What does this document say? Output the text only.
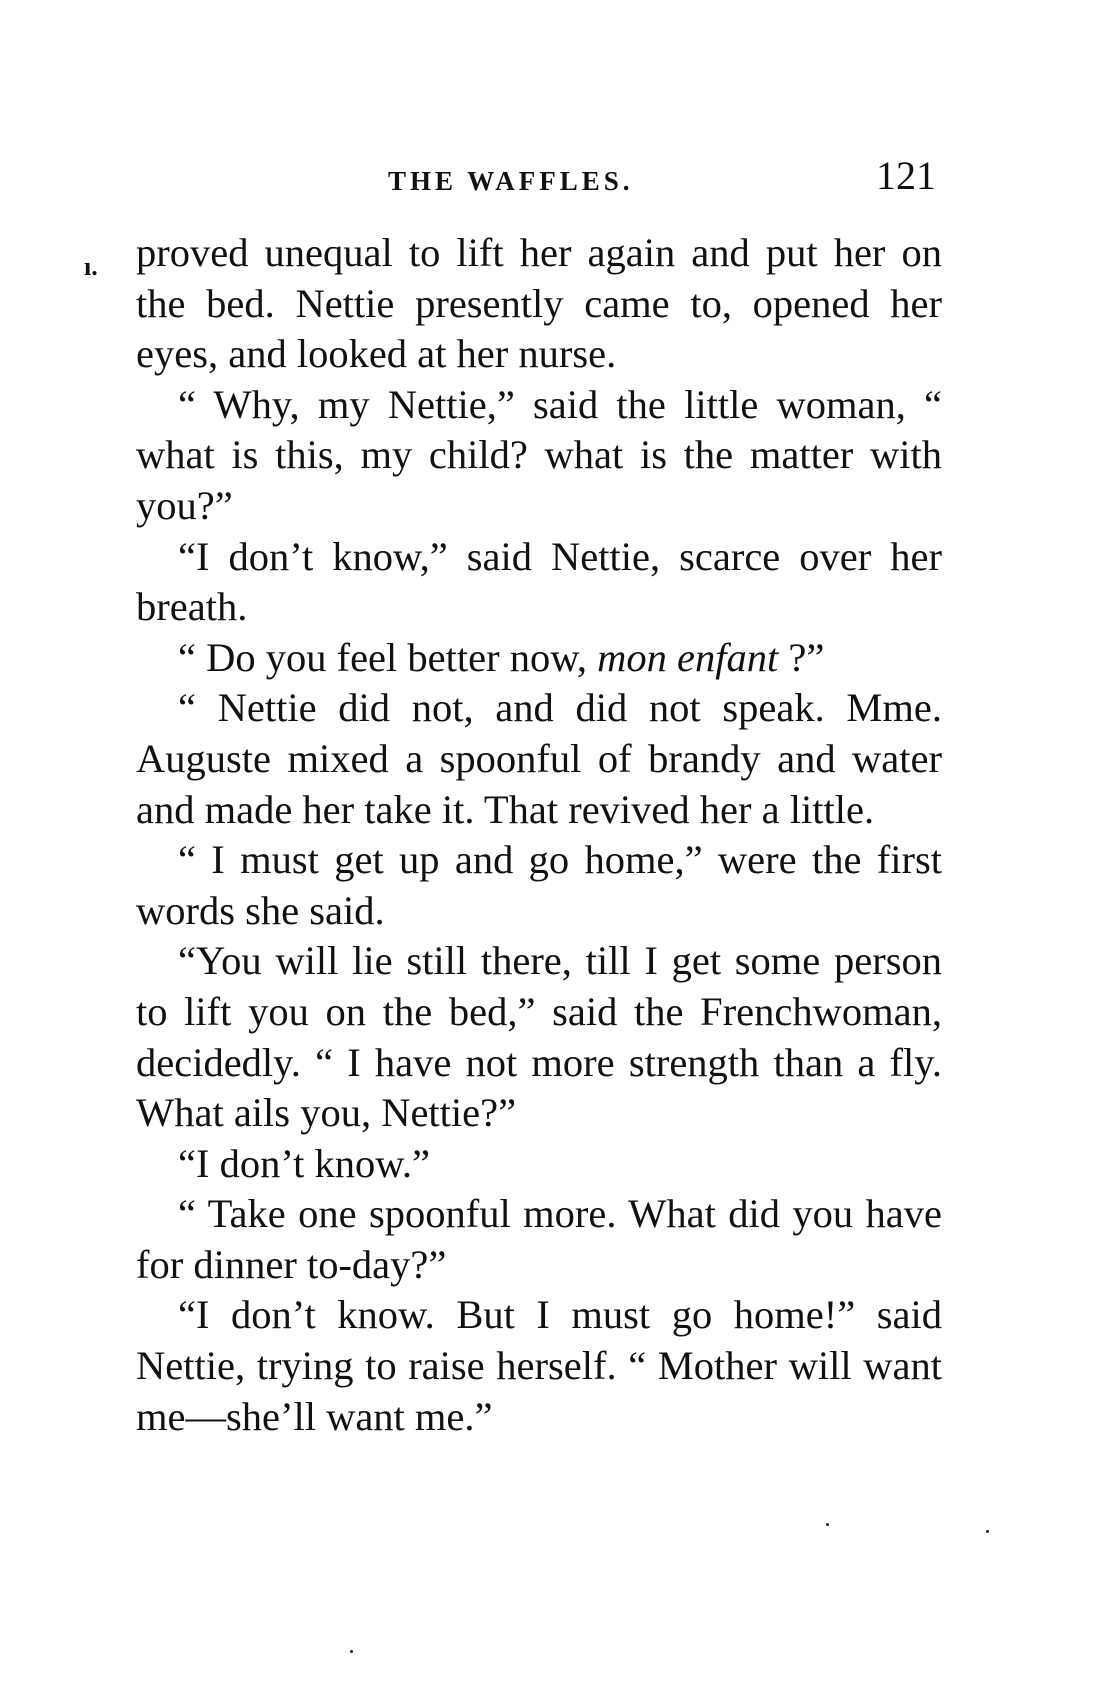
THE WAFFLES.	121
ı. proved unequal to lift her again and put her on the bed. Nettie presently came to, opened her eyes, and looked at her nurse.

“ Why, my Nettie,” said the little woman, “ what is this, my child? what is the matter with you?”

“I don’t know,” said Nettie, scarce over her breath.

“ Do you feel better now, mon enfant ?”

“ Nettie did not, and did not speak. Mme. Auguste mixed a spoonful of brandy and water and made her take it. That revived her a little.

“ I must get up and go home,” were the first words she said.

“You will lie still there, till I get some person to lift you on the bed,” said the Frenchwoman, decidedly. “ I have not more strength than a fly. What ails you, Nettie?”

“I don’t know.”

“ Take one spoonful more. What did you have for dinner to-day?”

“I don’t know. But I must go home!” said Nettie, trying to raise herself. “ Mother will want me—she’ll want me.”
